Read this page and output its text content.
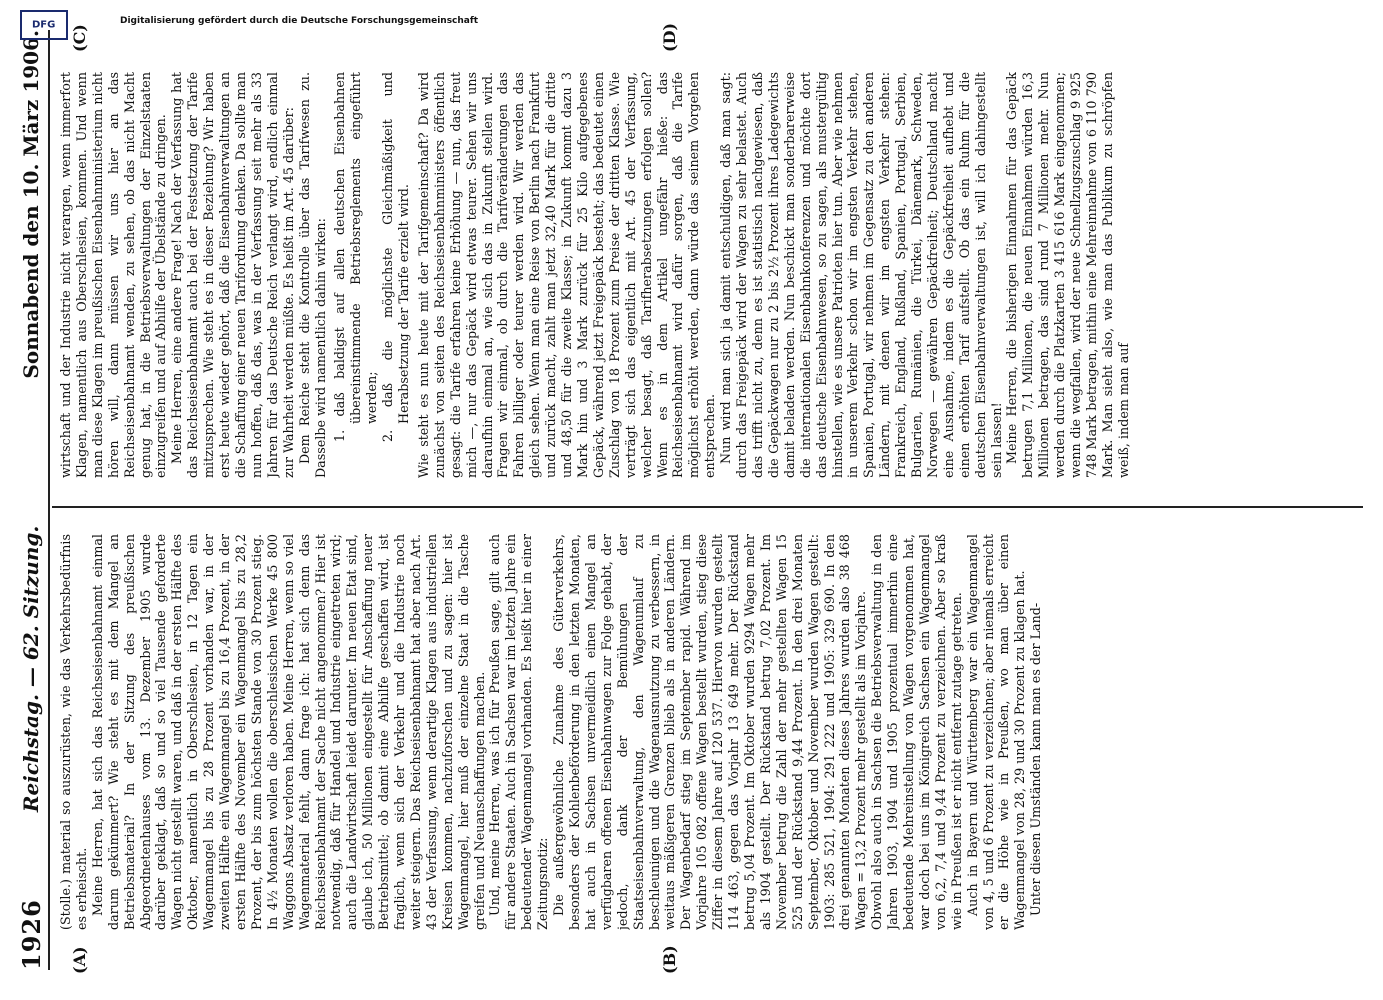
1926
Reichstag. — 62. Sitzung.
Sonnabend den 10. März 1906.
(A)	(B)
(C)	(D)

(Stolle.) material so auszurüsten, wie das Verkehrsbedürfnis es erheischt. Meine Herren, hat sich das Reichseisenbahnamt einmal darum gekümmert? Wie steht es mit dem Mangel an Betriebsmaterial? In der Sitzung des preußischen Abgeordnetenhauses vom 13. Dezember 1905 wurde darüber geklagt, daß so und so viel Tausende geforderte Wagen nicht gestellt waren, und daß in der ersten Hälfte des Oktober, namentlich in Oberschlesien, in 12 Tagen ein Wagenmangel bis zu 28 Prozent vorhanden war, in der zweiten Hälfte ein Wagenmangel bis zu 16,4 Prozent, in der ersten Hälfte des November ein Wagenmangel bis zu 28,2 Prozent, der bis zum höchsten Stande von 30 Prozent stieg. In 4½ Monaten wollen die oberschlesischen Werke 45 800 Waggons Absatz verloren haben. Meine Herren, wenn so viel Wagenmaterial fehlt, dann frage ich: hat sich denn das Reichseisenbahnamt der Sache nicht angenommen? Hier ist notwendig, daß für Handel und Industrie eingetreten wird; auch die Landwirtschaft leidet darunter. Im neuen Etat sind, glaube ich, 50 Millionen eingestellt für Anschaffung neuer Betriebsmittel; ob damit eine Abhilfe geschaffen wird, ist fraglich, wenn sich der Verkehr und die Industrie noch weiter steigern. Das Reichseisenbahnamt hat aber nach Art. 43 der Verfassung, wenn derartige Klagen aus industriellen Kreisen kommen, nachzuforschen und zu sagen: hier ist Wagenmangel, hier muß der einzelne Staat in die Tasche greifen und Neuanschaffungen machen. Und, meine Herren, was ich für Preußen sage, gilt auch für andere Staaten. Auch in Sachsen war im letzten Jahre ein bedeutender Wagenmangel vorhanden. Es heißt hier in einer Zeitungsnotiz: Die außergewöhnliche Zunahme des Güterverkehrs, besonders der Kohlenbeförderung in den letzten Monaten, hat auch in Sachsen unvermeidlich einen Mangel an verfügbaren offenen Eisenbahnwagen zur Folge gehabt, der jedoch, dank der Bemühungen der Staatseisenbahnverwaltung, den Wagenumlauf zu beschleunigen und die Wagenausnutzung zu verbessern, in weitaus mäßigeren Grenzen blieb als in anderen Ländern. Der Wagenbedarf stieg im September rapid. Während im Vorjahre 105 082 offene Wagen bestellt wurden, stieg diese Ziffer in diesem Jahre auf 120 537. Hiervon wurden gestellt 114 463, gegen das Vorjahr 13 649 mehr. Der Rückstand betrug 5,04 Prozent. Im Oktober wurden 9294 Wagen mehr als 1904 gestellt. Der Rückstand betrug 7,02 Prozent. Im November betrug die Zahl der mehr gestellten Wagen 15 525 und der Rückstand 9,44 Prozent. In den drei Monaten September, Oktober und November wurden Wagen gestellt: 1903: 285 521, 1904: 291 222 und 1905: 329 690. In den drei genannten Monaten dieses Jahres wurden also 38 468 Wagen = 13,2 Prozent mehr gestellt als im Vorjahre. Obwohl also auch in Sachsen die Betriebsverwaltung in den Jahren 1903, 1904 und 1905 prozentual immerhin eine bedeutende Mehreinstellung von Wagen vorgenommen hat, war doch bei uns im Königreich Sachsen ein Wagenmangel von 6,2, 7,4 und 9,44 Prozent zu verzeichnen. Aber so kraß wie in Preußen ist er nicht entfernt zutage getreten. Auch in Bayern und Württemberg war ein Wagenmangel von 4, 5 und 6 Prozent zu verzeichnen; aber niemals erreicht er die Höhe wie in Preußen, wo man über einen Wagenmangel von 28, 29 und 30 Prozent zu klagen hat. Unter diesen Umständen kann man es der Land-

wirtschaft und der Industrie nicht verargen, wenn immerfort Klagen, namentlich aus Oberschlesien, kommen. Und wenn man diese Klagen im preußischen Eisenbahnministerium nicht hören will, dann müssen wir uns hier an das Reichseisenbahnamt wenden, zu sehen, ob das nicht Macht genug hat, in die Betriebsverwaltungen der Einzelstaaten einzugreifen und auf Abhilfe der Übelstände zu dringen. Meine Herren, eine andere Frage! Nach der Verfassung hat das Reichseisenbahnamt auch bei der Festsetzung der Tarife mitzusprechen. Wie steht es in dieser Beziehung? Wir haben erst heute wieder gehört, daß die Eisenbahnverwaltungen an die Schaffung einer neuen Tarifordnung denken. Da sollte man nun hoffen, daß das, was in der Verfassung seit mehr als 33 Jahren für das Deutsche Reich verlangt wird, endlich einmal zur Wahrheit werden müßte. Es heißt im Art. 45 darüber: Dem Reiche steht die Kontrolle über das Tarifwesen zu. Dasselbe wird namentlich dahin wirken: 1. daß baldigst auf allen deutschen Eisenbahnen übereinstimmende Betriebsreglements eingeführt werden; 2. daß die möglichste Gleichmäßigkeit und Herabsetzung der Tarife erzielt wird. Wie steht es nun heute mit der Tarifgemeinschaft? Da wird zunächst von seiten des Reichseisenbahnministers öffentlich gesagt: die Tarife erfahren keine Erhöhung — nun, das freut mich —, nur das Gepäck wird etwas teurer. Sehen wir uns daraufhin einmal an, wie sich das in Zukunft stellen wird. Fragen wir einmal, ob durch die Tarifveränderungen das Fahren billiger oder teurer werden wird. Wir werden das gleich sehen. Wenn man eine Reise von Berlin nach Frankfurt und zurück macht, zahlt man jetzt 32,40 Mark für die dritte und 48,50 für die zweite Klasse; in Zukunft kommt dazu 3 Mark hin und 3 Mark zurück für 25 Kilo aufgegebenes Gepäck, während jetzt Freigepäck besteht; das bedeutet einen Zuschlag von 18 Prozent zum Preise der dritten Klasse. Wie verträgt sich das eigentlich mit Art. 45 der Verfassung, welcher besagt, daß Tarifherabsetzungen erfolgen sollen? Wenn es in dem Artikel ungefähr hieße: das Reichseisenbahnamt wird dafür sorgen, daß die Tarife möglichst erhöht werden, dann würde das seinem Vorgehen entsprechen. Nun wird man sich ja damit entschuldigen, daß man sagt: durch das Freigepäck wird der Wagen zu sehr belastet. Auch das trifft nicht zu, denn es ist statistisch nachgewiesen, daß die Gepäckwagen nur zu 2 bis 2½ Prozent ihres Ladegewichts damit beladen werden. Nun beschickt man sonderbarerweise die internationalen Eisenbahnkonferenzen und möchte dort das deutsche Eisenbahnwesen, so zu sagen, als mustergültig hinstellen, wie es unsere Patrioten hier tun. Aber wie nehmen in unserem Verkehr schon wir im engsten Verkehr stehen, Spanien, Portugal, wir nehmen im Gegensatz zu den anderen Ländern, mit denen wir im engsten Verkehr stehen: Frankreich, England, Rußland, Spanien, Portugal, Serbien, Bulgarien, Rumänien, die Türkei, Dänemark, Schweden, Norwegen — gewähren Gepäckfreiheit; Deutschland macht eine Ausnahme, indem es die Gepäckfreiheit aufhebt und einen erhöhten Tarif aufstellt. Ob das ein Ruhm für die deutschen Eisenbahnverwaltungen ist, will ich dahingestellt sein lassen! Meine Herren, die bisherigen Einnahmen für das Gepäck betrugen 7,1 Millionen, die neuen Einnahmen würden 16,3 Millionen betragen, das sind rund 7 Millionen mehr. Nun werden durch die Platzkarten 3 415 616 Mark eingenommen; wenn die wegfallen, wird der neue Schnellzugszuschlag 9 925 748 Mark betragen, mithin eine Mehreinnahme von 6 110 790 Mark. Man sieht also, wie man das Publikum zu schröpfen weiß, indem man auf

DFG	Digitalisierung gefördert durch die Deutsche Forschungsgemeinschaft
